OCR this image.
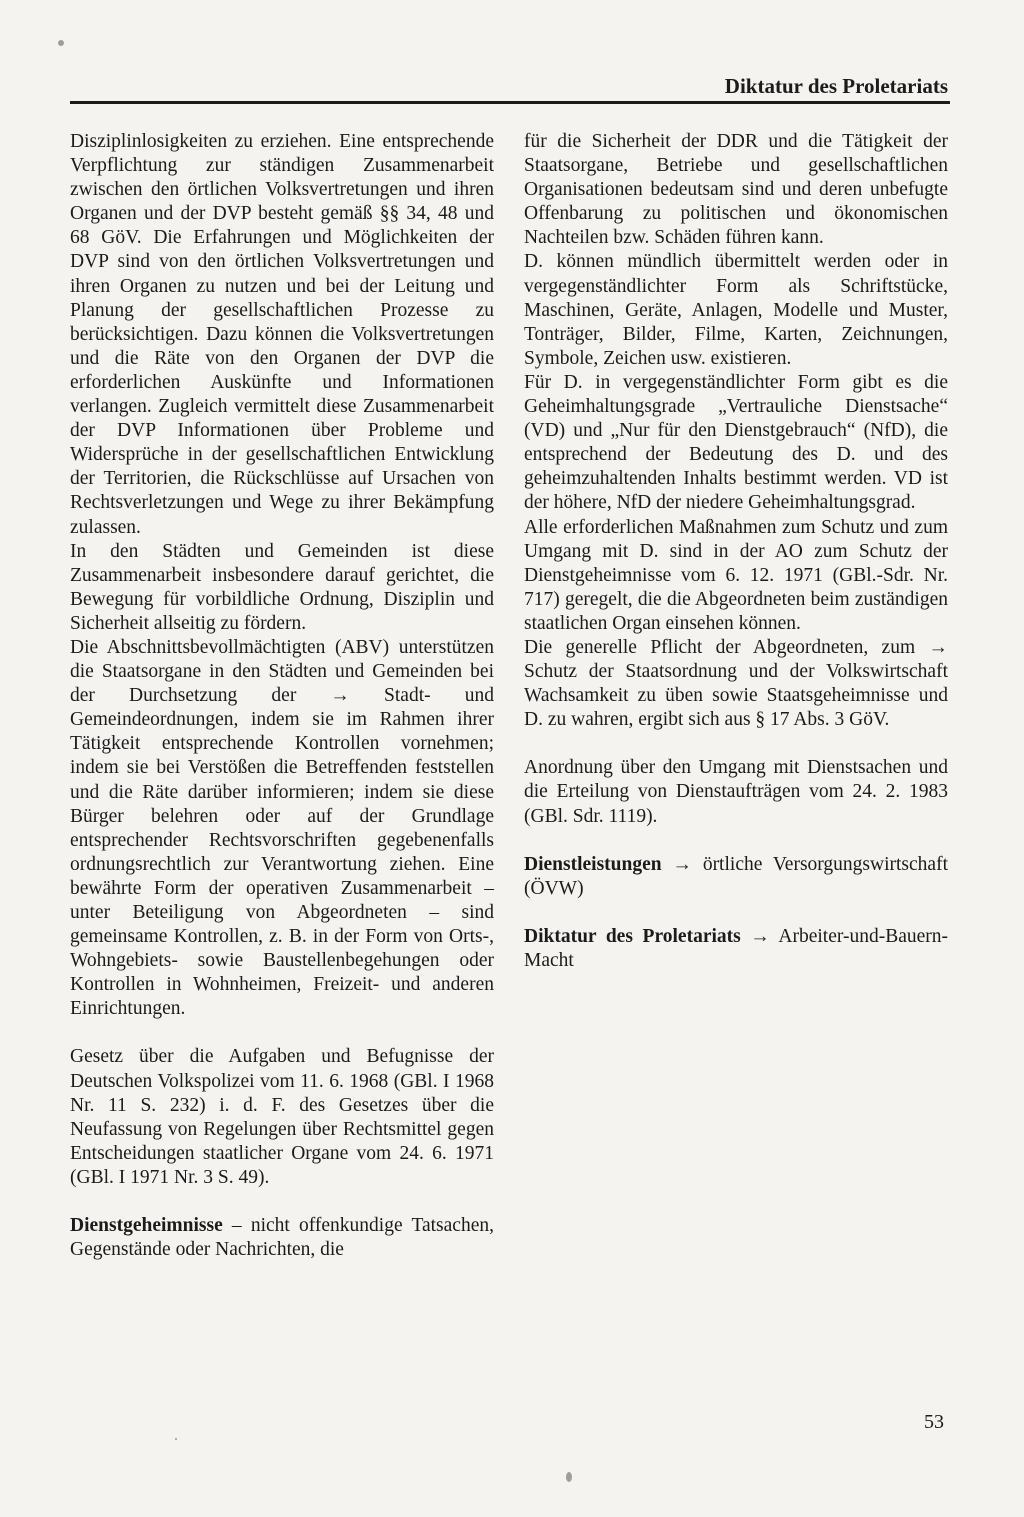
Diktatur des Proletariats

Disziplinlosigkeiten zu erziehen. Eine entsprechende Verpflichtung zur ständigen Zusammenarbeit zwischen den örtlichen Volksvertretungen und ihren Organen und der DVP besteht gemäß §§ 34, 48 und 68 GöV. Die Erfahrungen und Möglichkeiten der DVP sind von den örtlichen Volksvertretungen und ihren Organen zu nutzen und bei der Leitung und Planung der gesellschaftlichen Prozesse zu berücksichtigen. Dazu können die Volksvertretungen und die Räte von den Organen der DVP die erforderlichen Auskünfte und Informationen verlangen. Zugleich vermittelt diese Zusammenarbeit der DVP Informationen über Probleme und Widersprüche in der gesellschaftlichen Entwicklung der Territorien, die Rückschlüsse auf Ursachen von Rechtsverletzungen und Wege zu ihrer Bekämpfung zulassen.

In den Städten und Gemeinden ist diese Zusammenarbeit insbesondere darauf gerichtet, die Bewegung für vorbildliche Ordnung, Disziplin und Sicherheit allseitig zu fördern.

Die Abschnittsbevollmächtigten (ABV) unterstützen die Staatsorgane in den Städten und Gemeinden bei der Durchsetzung der → Stadt- und Gemeindeordnungen, indem sie im Rahmen ihrer Tätigkeit entsprechende Kontrollen vornehmen; indem sie bei Verstößen die Betreffenden feststellen und die Räte darüber informieren; indem sie diese Bürger belehren oder auf der Grundlage entsprechender Rechtsvorschriften gegebenenfalls ordnungsrechtlich zur Verantwortung ziehen. Eine bewährte Form der operativen Zusammenarbeit – unter Beteiligung von Abgeordneten – sind gemeinsame Kontrollen, z. B. in der Form von Orts-, Wohngebiets- sowie Baustellenbegehungen oder Kontrollen in Wohnheimen, Freizeit- und anderen Einrichtungen.

Gesetz über die Aufgaben und Befugnisse der Deutschen Volkspolizei vom 11. 6. 1968 (GBl. I 1968 Nr. 11 S. 232) i. d. F. des Gesetzes über die Neufassung von Regelungen über Rechtsmittel gegen Entscheidungen staatlicher Organe vom 24. 6. 1971 (GBl. I 1971 Nr. 3 S. 49).

Dienstgeheimnisse – nicht offenkundige Tatsachen, Gegenstände oder Nachrichten, die

für die Sicherheit der DDR und die Tätigkeit der Staatsorgane, Betriebe und gesellschaftlichen Organisationen bedeutsam sind und deren unbefugte Offenbarung zu politischen und ökonomischen Nachteilen bzw. Schäden führen kann.

D. können mündlich übermittelt werden oder in vergegenständlichter Form als Schriftstücke, Maschinen, Geräte, Anlagen, Modelle und Muster, Tonträger, Bilder, Filme, Karten, Zeichnungen, Symbole, Zeichen usw. existieren.

Für D. in vergegenständlichter Form gibt es die Geheimhaltungsgrade „Vertrauliche Dienstsache“ (VD) und „Nur für den Dienstgebrauch“ (NfD), die entsprechend der Bedeutung des D. und des geheimzuhaltenden Inhalts bestimmt werden. VD ist der höhere, NfD der niedere Geheimhaltungsgrad.

Alle erforderlichen Maßnahmen zum Schutz und zum Umgang mit D. sind in der AO zum Schutz der Dienstgeheimnisse vom 6. 12. 1971 (GBl.-Sdr. Nr. 717) geregelt, die die Abgeordneten beim zuständigen staatlichen Organ einsehen können.

Die generelle Pflicht der Abgeordneten, zum → Schutz der Staatsordnung und der Volkswirtschaft Wachsamkeit zu üben sowie Staatsgeheimnisse und D. zu wahren, ergibt sich aus § 17 Abs. 3 GöV.

Anordnung über den Umgang mit Dienstsachen und die Erteilung von Dienstaufträgen vom 24. 2. 1983 (GBl. Sdr. 1119).

Dienstleistungen → örtliche Versorgungswirtschaft (ÖVW)

Diktatur des Proletariats → Arbeiter-und-Bauern-Macht

53
